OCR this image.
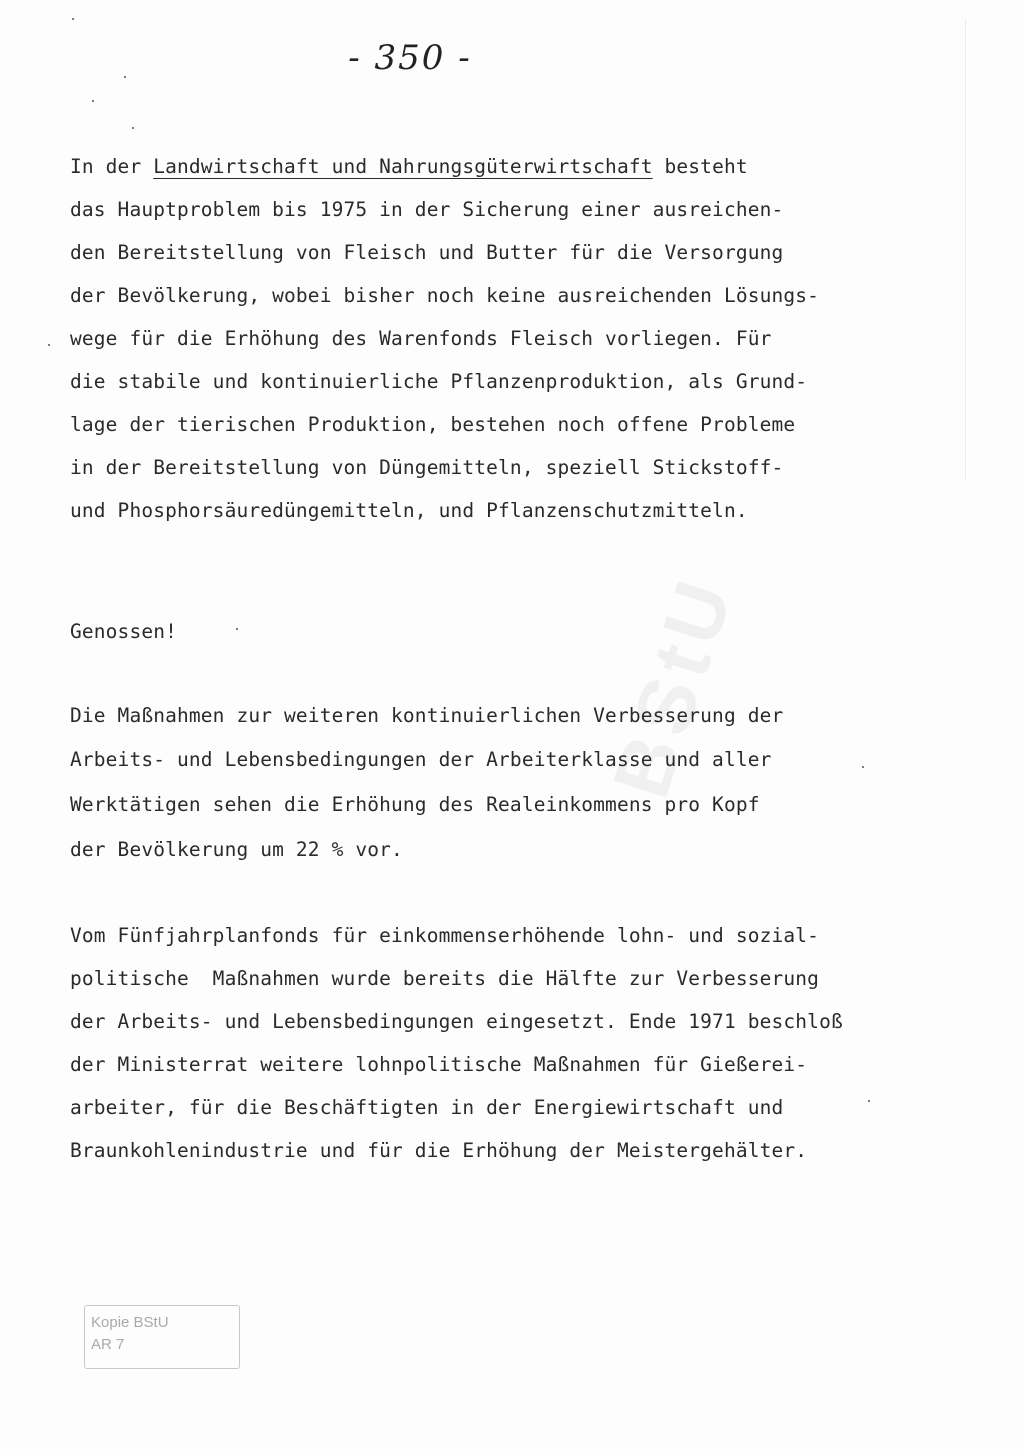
BStU
- 350 -
In der Landwirtschaft und Nahrungsgüterwirtschaft besteht
das Hauptproblem bis 1975 in der Sicherung einer ausreichen-
den Bereitstellung von Fleisch und Butter für die Versorgung
der Bevölkerung, wobei bisher noch keine ausreichenden Lösungs-
wege für die Erhöhung des Warenfonds Fleisch vorliegen. Für
die stabile und kontinuierliche Pflanzenproduktion, als Grund-
lage der tierischen Produktion, bestehen noch offene Probleme
in der Bereitstellung von Düngemitteln, speziell Stickstoff-
und Phosphorsäuredüngemitteln, und Pflanzenschutzmitteln.
Genossen!
Die Maßnahmen zur weiteren kontinuierlichen Verbesserung der
Arbeits- und Lebensbedingungen der Arbeiterklasse und aller
Werktätigen sehen die Erhöhung des Realeinkommens pro Kopf
der Bevölkerung um 22 % vor.
Vom Fünfjahrplanfonds für einkommenserhöhende lohn- und sozial-
politische  Maßnahmen wurde bereits die Hälfte zur Verbesserung
der Arbeits- und Lebensbedingungen eingesetzt. Ende 1971 beschloß
der Ministerrat weitere lohnpolitische Maßnahmen für Gießerei-
arbeiter, für die Beschäftigten in der Energiewirtschaft und
Braunkohlenindustrie und für die Erhöhung der Meistergehälter.
Kopie BStU
AR 7
